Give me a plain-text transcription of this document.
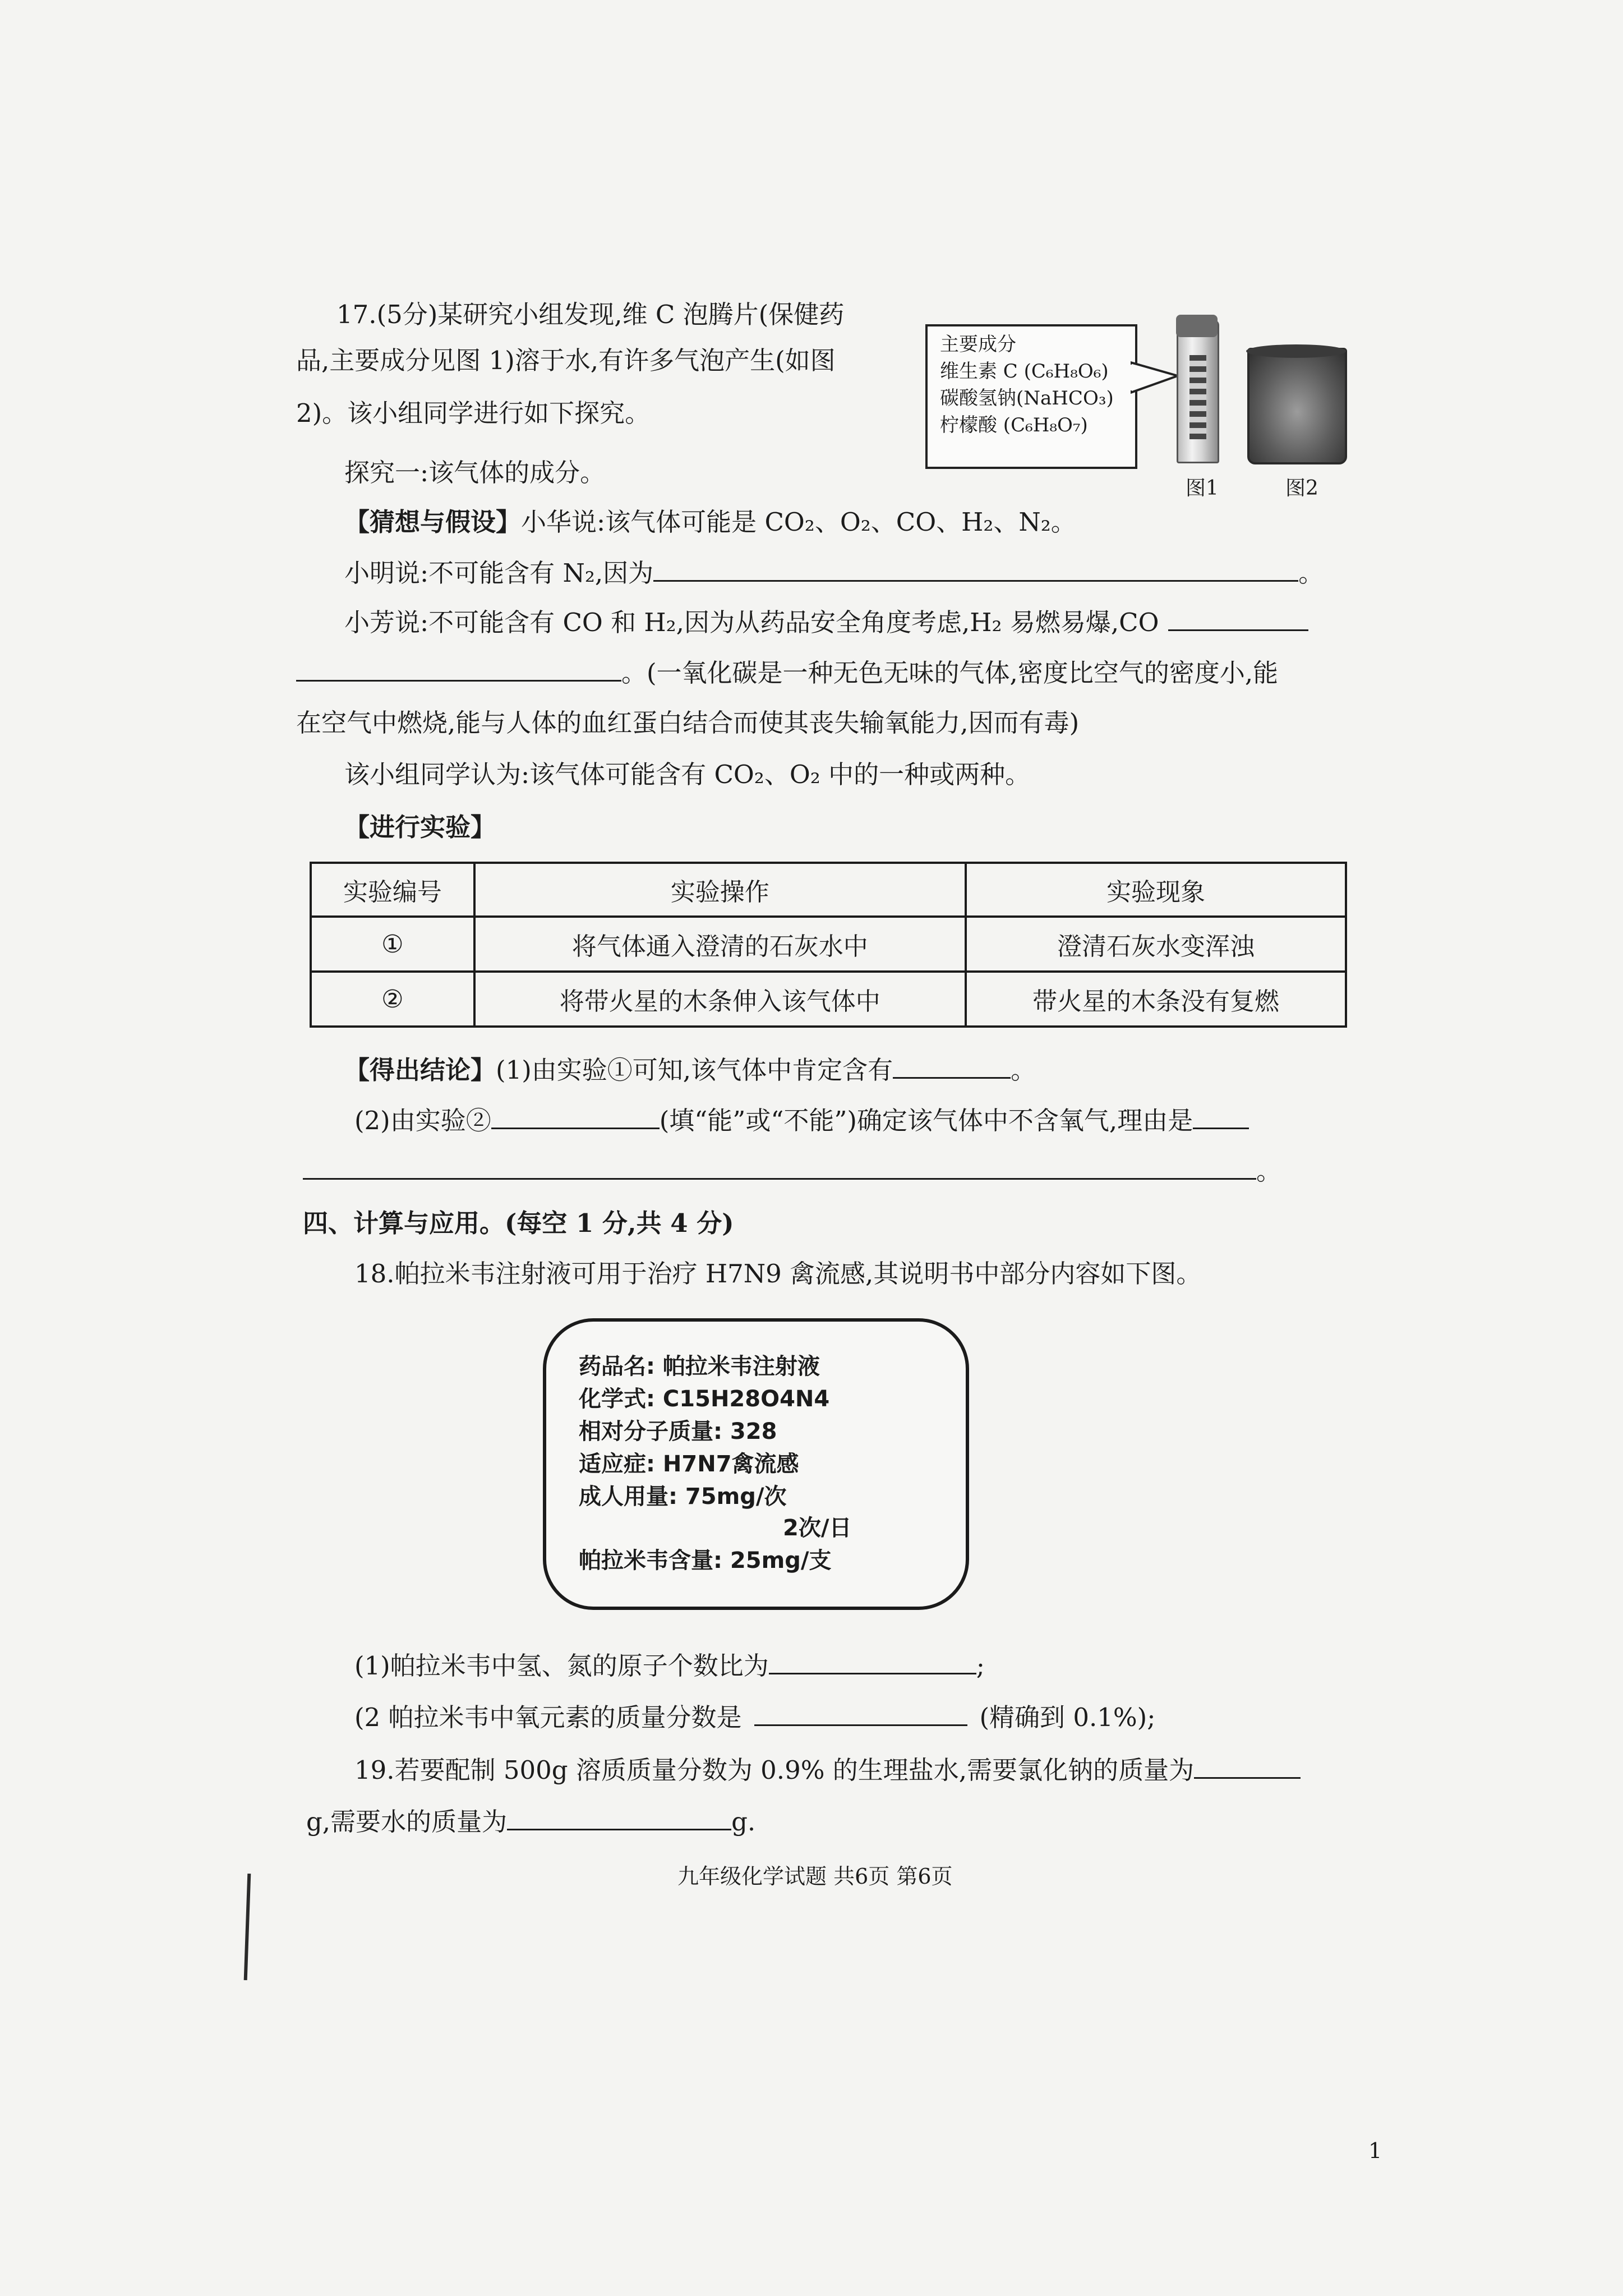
17.(5分)某研究小组发现,维 C 泡腾片(保健药
品,主要成分见图 1)溶于水,有许多气泡产生(如图
2)。该小组同学进行如下探究。
探究一:该气体的成分。
主要成分
维生素 C (C₆H₈O₆)
碳酸氢钠(NaHCO₃)
柠檬酸 (C₆H₈O₇)
图1	图2
【猜想与假设】小华说:该气体可能是 CO₂、O₂、CO、H₂、N₂。
小明说:不可能含有 N₂,因为	。
小芳说:不可能含有 CO 和 H₂,因为从药品安全角度考虑,H₂ 易燃易爆,CO
。(一氧化碳是一种无色无味的气体,密度比空气的密度小,能
在空气中燃烧,能与人体的血红蛋白结合而使其丧失输氧能力,因而有毒)
该小组同学认为:该气体可能含有 CO₂、O₂ 中的一种或两种。
【进行实验】
实验编号	实验操作	实验现象
①	将气体通入澄清的石灰水中	澄清石灰水变浑浊
②	将带火星的木条伸入该气体中	带火星的木条没有复燃
【得出结论】(1)由实验①可知,该气体中肯定含有	。
(2)由实验②	(填“能”或“不能”)确定该气体中不含氧气,理由是
。
四、计算与应用。(每空 1 分,共 4 分)
18.帕拉米韦注射液可用于治疗 H7N9 禽流感,其说明书中部分内容如下图。
药品名: 帕拉米韦注射液
化学式: C15H28O4N4
相对分子质量: 328
适应症: H7N7禽流感
成人用量: 75mg/次
2次/日
帕拉米韦含量: 25mg/支
(1)帕拉米韦中氢、氮的原子个数比为	;
(2 帕拉米韦中氧元素的质量分数是	(精确到 0.1%);
19.若要配制 500g 溶质质量分数为 0.9% 的生理盐水,需要氯化钠的质量为
g,需要水的质量为	g.
九年级化学试题 共6页 第6页
1
